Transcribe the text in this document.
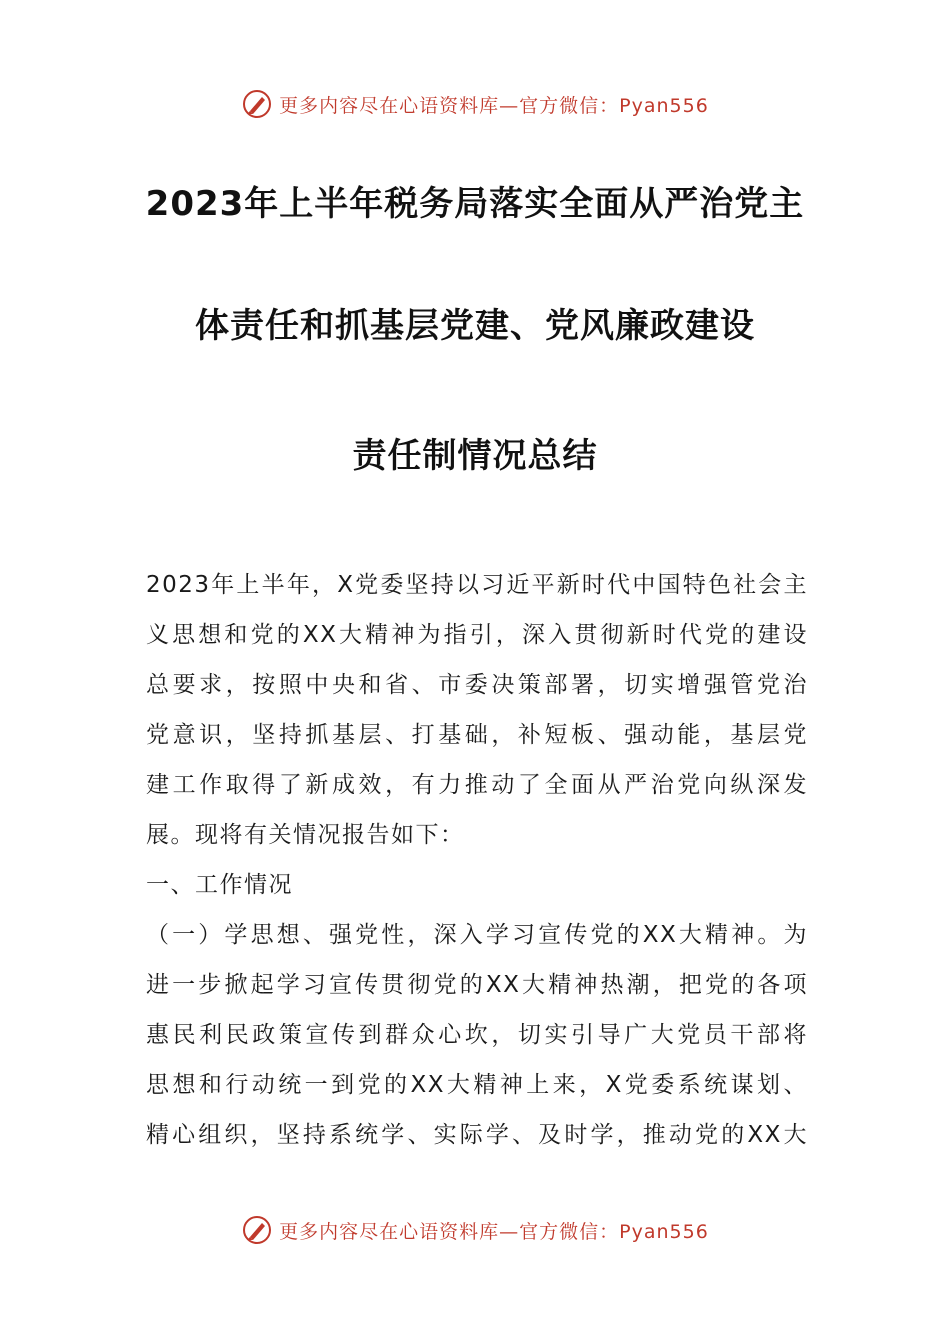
更多内容尽在心语资料库—官方微信：Pyan556
2023年上半年税务局落实全面从严治党主
体责任和抓基层党建、党风廉政建设
责任制情况总结
2023年上半年，X党委坚持以习近平新时代中国特色社会主
义思想和党的XX大精神为指引，深入贯彻新时代党的建设
总要求，按照中央和省、市委决策部署，切实增强管党治
党意识，坚持抓基层、打基础，补短板、强动能，基层党
建工作取得了新成效，有力推动了全面从严治党向纵深发
展。现将有关情况报告如下：
一、工作情况
（一）学思想、强党性，深入学习宣传党的XX大精神。为
进一步掀起学习宣传贯彻党的XX大精神热潮，把党的各项
惠民利民政策宣传到群众心坎，切实引导广大党员干部将
思想和行动统一到党的XX大精神上来，X党委系统谋划、
精心组织，坚持系统学、实际学、及时学，推动党的XX大
更多内容尽在心语资料库—官方微信：Pyan556
